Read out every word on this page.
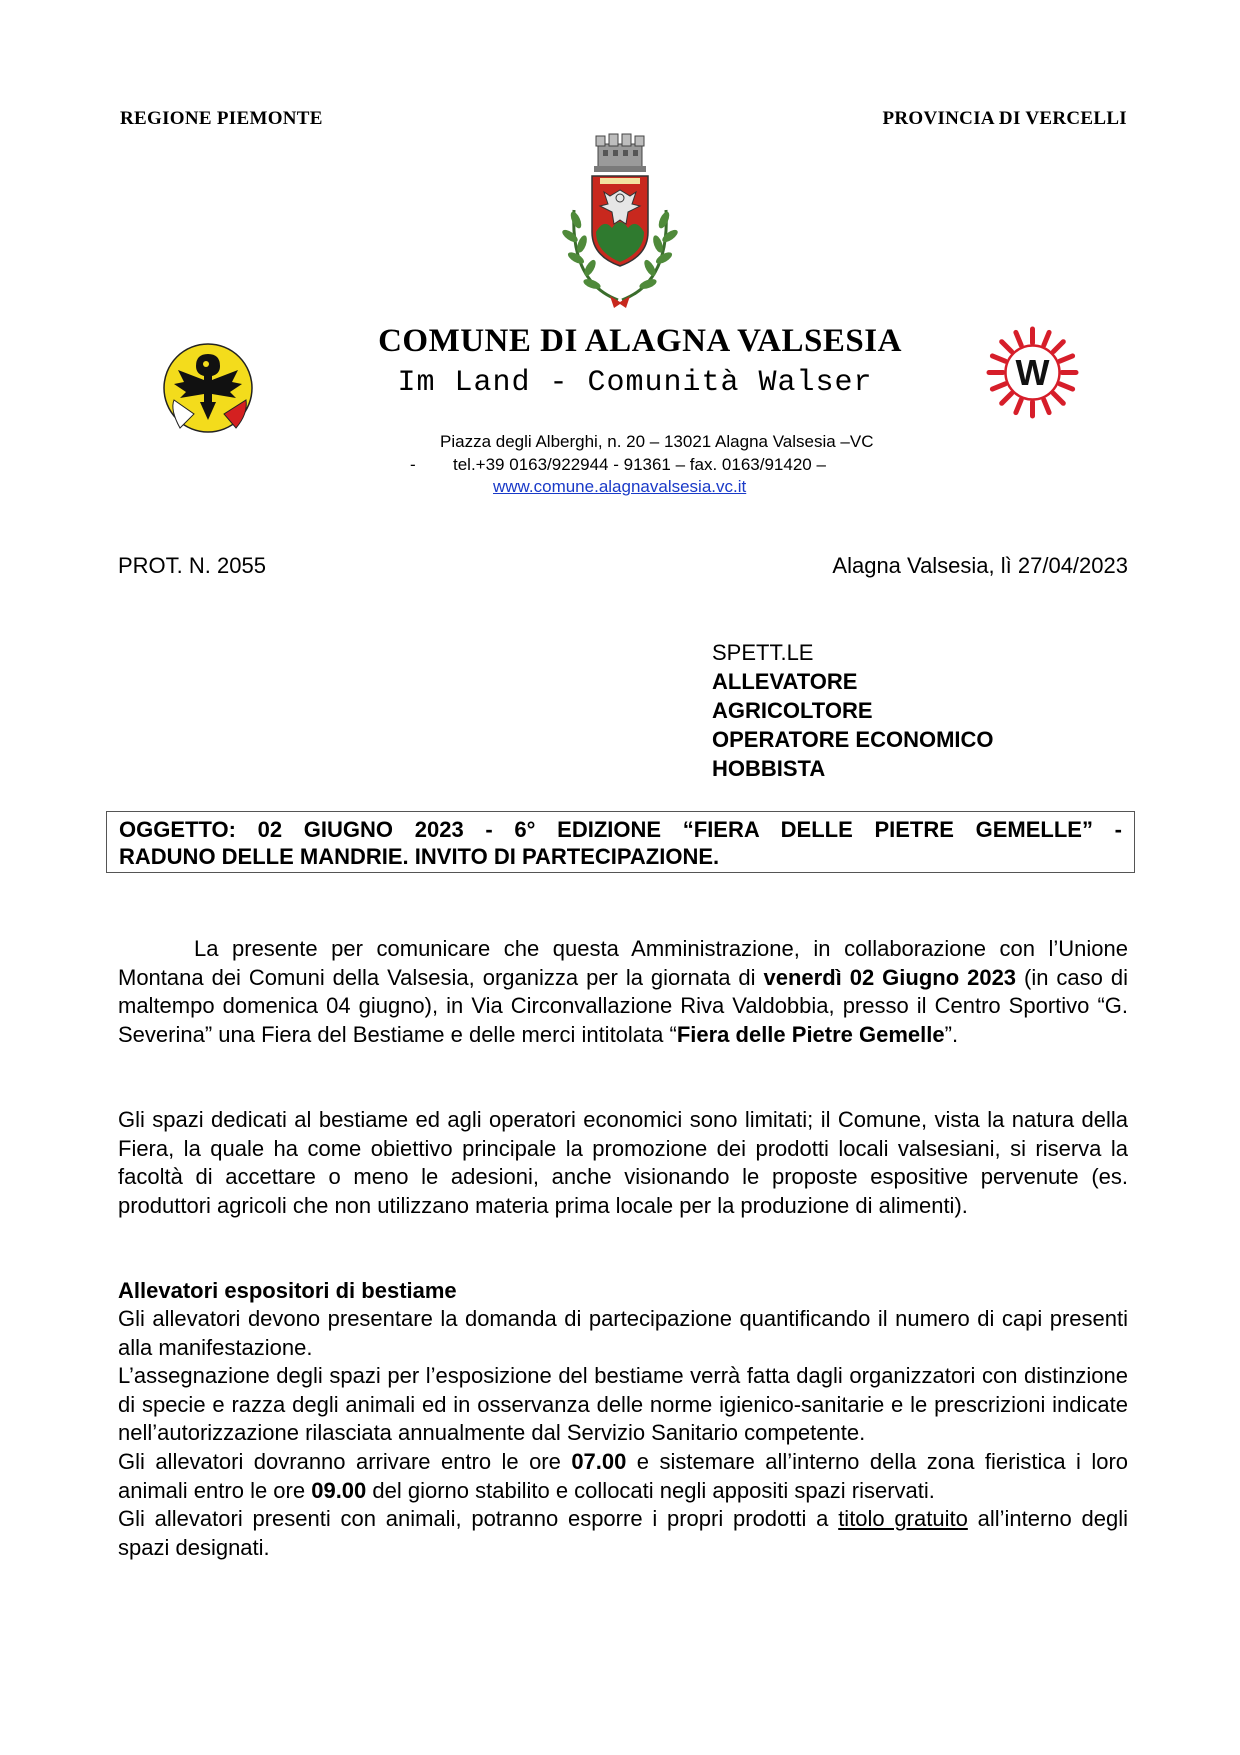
REGIONE PIEMONTE	PROVINCIA DI VERCELLI
W
COMUNE DI ALAGNA VALSESIA
Im Land - Comunità Walser
Piazza degli Alberghi, n. 20 – 13021 Alagna Valsesia –VC
- tel.+39 0163/922944 - 91361 – fax. 0163/91420 –
www.comune.alagnavalsesia.vc.it
PROT. N. 2055	Alagna Valsesia, lì 27/04/2023
SPETT.LE
ALLEVATORE
AGRICOLTORE
OPERATORE ECONOMICO
HOBBISTA
OGGETTO: 02 GIUGNO 2023 - 6° EDIZIONE “FIERA DELLE PIETRE GEMELLE” -
RADUNO DELLE MANDRIE. INVITO DI PARTECIPAZIONE.
La presente per comunicare che questa Amministrazione, in collaborazione con l’Unione Montana dei Comuni della Valsesia, organizza per la giornata di venerdì 02 Giugno 2023 (in caso di maltempo domenica 04 giugno), in Via Circonvallazione Riva Valdobbia, presso il Centro Sportivo “G. Severina” una Fiera del Bestiame e delle merci intitolata “Fiera delle Pietre Gemelle”.
Gli spazi dedicati al bestiame ed agli operatori economici sono limitati; il Comune, vista la natura della Fiera, la quale ha come obiettivo principale la promozione dei prodotti locali valsesiani, si riserva la facoltà di accettare o meno le adesioni, anche visionando le proposte espositive pervenute (es. produttori agricoli che non utilizzano materia prima locale per la produzione di alimenti).
Allevatori espositori di bestiame
Gli allevatori devono presentare la domanda di partecipazione quantificando il numero di capi presenti alla manifestazione.
L’assegnazione degli spazi per l’esposizione del bestiame verrà fatta dagli organizzatori con distinzione di specie e razza degli animali ed in osservanza delle norme igienico-sanitarie e le prescrizioni indicate nell’autorizzazione rilasciata annualmente dal Servizio Sanitario competente.
Gli allevatori dovranno arrivare entro le ore 07.00 e sistemare all’interno della zona fieristica i loro animali entro le ore 09.00 del giorno stabilito e collocati negli appositi spazi riservati.
Gli allevatori presenti con animali, potranno esporre i propri prodotti a titolo gratuito all’interno degli spazi designati.
